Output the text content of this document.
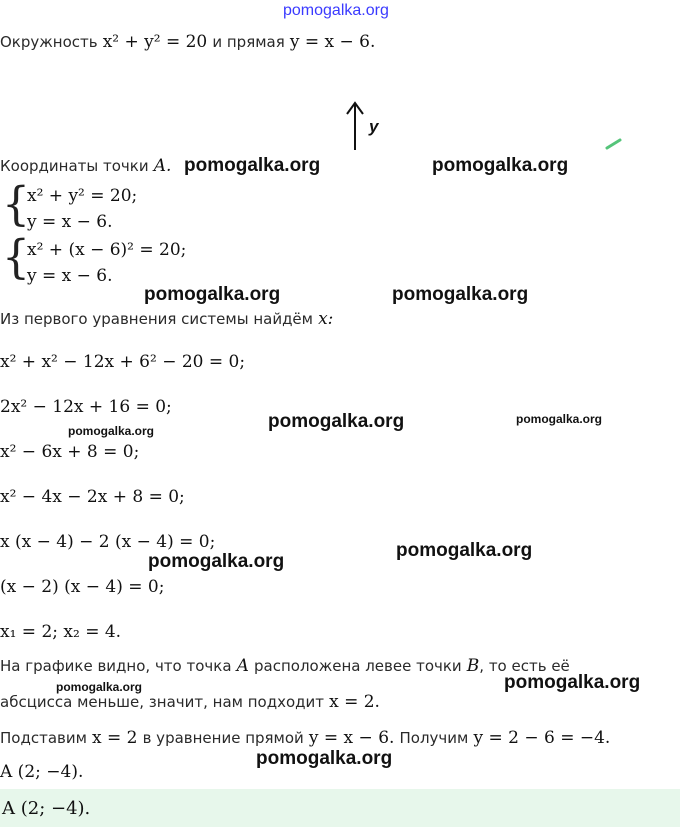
pomogalka.org
Окружность x² + y² = 20 и прямая y = x − 6.
y
Координаты точки A. pomogalka.org	pomogalka.org
{
x² + y² = 20;
y = x − 6.
{
x² + (x − 6)² = 20;
y = x − 6.
pomogalka.org	pomogalka.org
Из первого уравнения системы найдём x:
x² + x² − 12x + 6² − 20 = 0;
2x² − 12x + 16 = 0;
x² − 6x + 8 = 0;
x² − 4x − 2x + 8 = 0;
x (x − 4) − 2 (x − 4) = 0;
(x − 2) (x − 4) = 0;
x₁ = 2; x₂ = 4.
pomogalka.org	pomogalka.org
pomogalka.org
pomogalka.org
pomogalka.org
На графике видно, что точка A расположена левее точки B, то есть её
абсцисса меньше, значит, нам подходит x = 2.
pomogalka.org	pomogalka.org
Подставим x = 2 в уравнение прямой y = x − 6. Получим y = 2 − 6 = −4.
A (2; −4).
pomogalka.org
A (2; −4).
